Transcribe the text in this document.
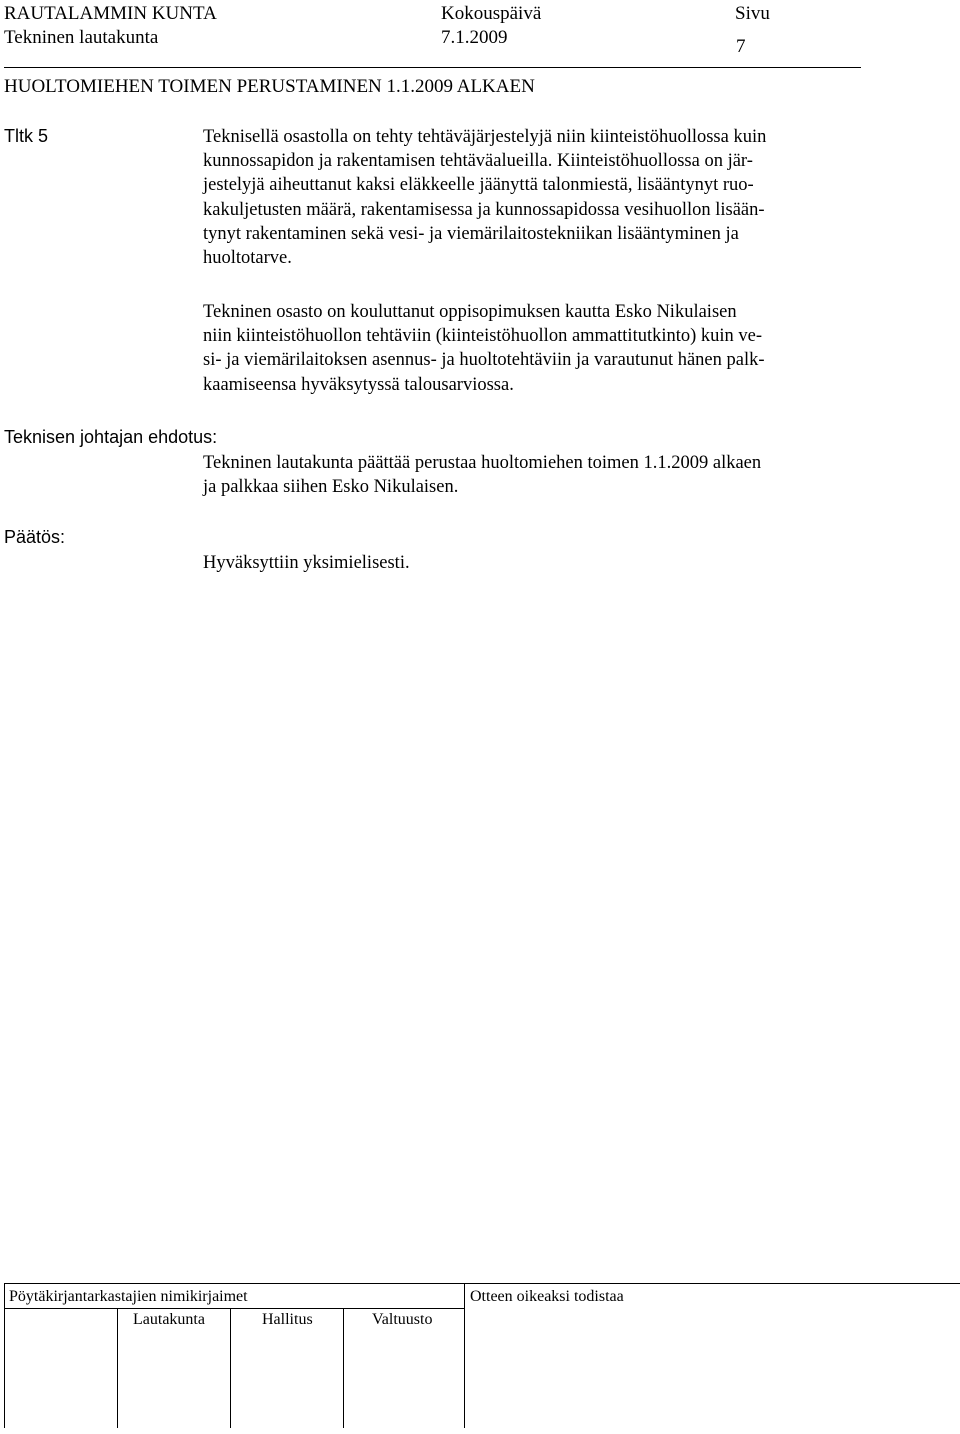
RAUTALAMMIN KUNTA
Tekninen lautakunta
Kokouspäivä
7.1.2009
Sivu
7
HUOLTOMIEHEN TOIMEN PERUSTAMINEN 1.1.2009 ALKAEN
Tltk 5	Teknisellä osastolla on tehty tehtäväjärjestelyjä niin kiinteistöhuollossa kuin
kunnossapidon ja rakentamisen tehtäväalueilla. Kiinteistöhuollossa on jär-
jestelyjä aiheuttanut kaksi eläkkeelle jäänyttä talonmiestä, lisääntynyt ruo-
kakuljetusten määrä, rakentamisessa ja kunnossapidossa vesihuollon lisään-
tynyt rakentaminen sekä vesi- ja viemärilaitostekniikan lisääntyminen ja
huoltotarve.
Tekninen osasto on kouluttanut oppisopimuksen kautta Esko Nikulaisen
niin kiinteistöhuollon tehtäviin (kiinteistöhuollon ammattitutkinto) kuin ve-
si- ja viemärilaitoksen asennus- ja huoltotehtäviin ja varautunut hänen palk-
kaamiseensa hyväksytyssä talousarviossa.
Teknisen johtajan ehdotus:
Tekninen lautakunta päättää perustaa huoltomiehen toimen 1.1.2009 alkaen
ja palkkaa siihen Esko Nikulaisen.
Päätös:
Hyväksyttiin yksimielisesti.
Pöytäkirjantarkastajien nimikirjaimet	Otteen oikeaksi todistaa
Lautakunta	Hallitus	Valtuusto
